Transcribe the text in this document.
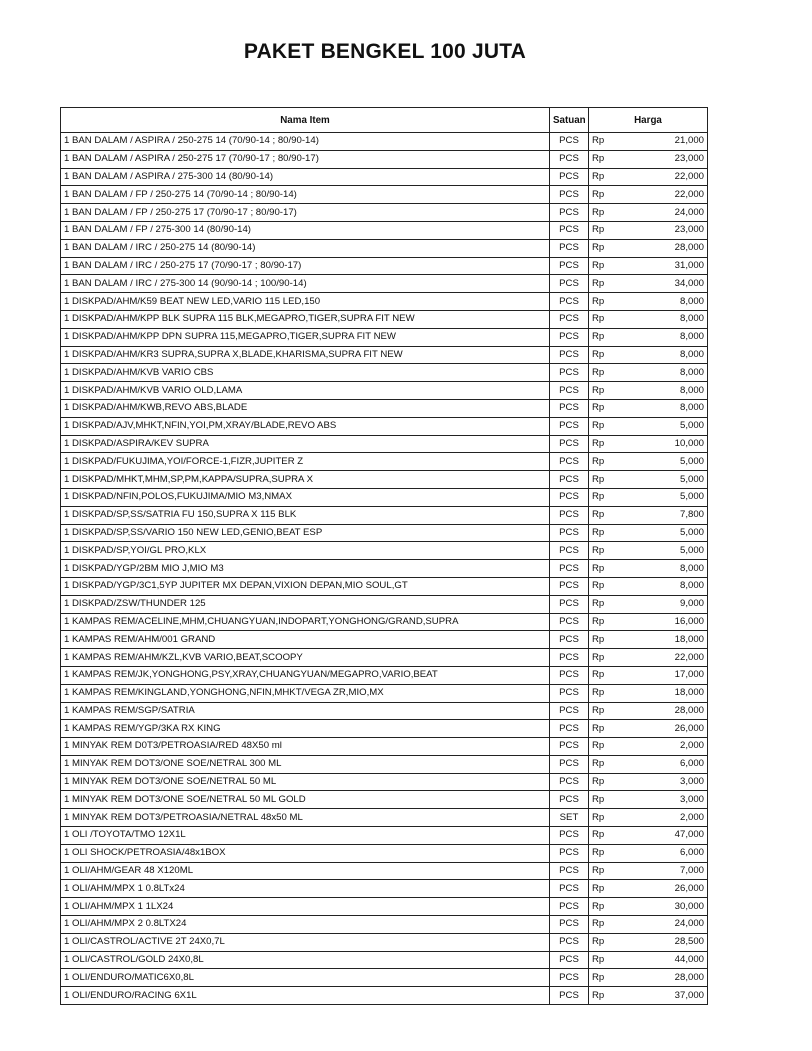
PAKET BENGKEL 100 JUTA
Nama Item	Satuan	Harga	
1 BAN DALAM / ASPIRA / 250-275 14 (70/90-14 ; 80/90-14)	PCS	Rp	21,000
1 BAN DALAM / ASPIRA / 250-275 17 (70/90-17 ; 80/90-17)	PCS	Rp	23,000
1 BAN DALAM / ASPIRA / 275-300 14 (80/90-14)	PCS	Rp	22,000
1 BAN DALAM / FP / 250-275 14 (70/90-14 ; 80/90-14)	PCS	Rp	22,000
1 BAN DALAM / FP / 250-275 17 (70/90-17 ; 80/90-17)	PCS	Rp	24,000
1 BAN DALAM / FP / 275-300 14 (80/90-14)	PCS	Rp	23,000
1 BAN DALAM / IRC / 250-275 14 (80/90-14)	PCS	Rp	28,000
1 BAN DALAM / IRC / 250-275 17 (70/90-17 ; 80/90-17)	PCS	Rp	31,000
1 BAN DALAM / IRC / 275-300 14 (90/90-14 ; 100/90-14)	PCS	Rp	34,000
1 DISKPAD/AHM/K59 BEAT NEW LED,VARIO 115 LED,150	PCS	Rp	8,000
1 DISKPAD/AHM/KPP BLK SUPRA 115 BLK,MEGAPRO,TIGER,SUPRA FIT NEW	PCS	Rp	8,000
1 DISKPAD/AHM/KPP DPN SUPRA 115,MEGAPRO,TIGER,SUPRA FIT NEW	PCS	Rp	8,000
1 DISKPAD/AHM/KR3 SUPRA,SUPRA X,BLADE,KHARISMA,SUPRA FIT NEW	PCS	Rp	8,000
1 DISKPAD/AHM/KVB VARIO CBS	PCS	Rp	8,000
1 DISKPAD/AHM/KVB VARIO OLD,LAMA	PCS	Rp	8,000
1 DISKPAD/AHM/KWB,REVO ABS,BLADE	PCS	Rp	8,000
1 DISKPAD/AJV,MHKT,NFIN,YOI,PM,XRAY/BLADE,REVO ABS	PCS	Rp	5,000
1 DISKPAD/ASPIRA/KEV SUPRA	PCS	Rp	10,000
1 DISKPAD/FUKUJIMA,YOI/FORCE-1,FIZR,JUPITER Z	PCS	Rp	5,000
1 DISKPAD/MHKT,MHM,SP,PM,KAPPA/SUPRA,SUPRA X	PCS	Rp	5,000
1 DISKPAD/NFIN,POLOS,FUKUJIMA/MIO M3,NMAX	PCS	Rp	5,000
1 DISKPAD/SP,SS/SATRIA FU 150,SUPRA X 115 BLK	PCS	Rp	7,800
1 DISKPAD/SP,SS/VARIO 150 NEW LED,GENIO,BEAT ESP	PCS	Rp	5,000
1 DISKPAD/SP,YOI/GL PRO,KLX	PCS	Rp	5,000
1 DISKPAD/YGP/2BM MIO J,MIO M3	PCS	Rp	8,000
1 DISKPAD/YGP/3C1,5YP JUPITER MX DEPAN,VIXION DEPAN,MIO SOUL,GT	PCS	Rp	8,000
1 DISKPAD/ZSW/THUNDER 125	PCS	Rp	9,000
1 KAMPAS REM/ACELINE,MHM,CHUANGYUAN,INDOPART,YONGHONG/GRAND,SUPRA	PCS	Rp	16,000
1 KAMPAS REM/AHM/001 GRAND	PCS	Rp	18,000
1 KAMPAS REM/AHM/KZL,KVB VARIO,BEAT,SCOOPY	PCS	Rp	22,000
1 KAMPAS REM/JK,YONGHONG,PSY,XRAY,CHUANGYUAN/MEGAPRO,VARIO,BEAT	PCS	Rp	17,000
1 KAMPAS REM/KINGLAND,YONGHONG,NFIN,MHKT/VEGA ZR,MIO,MX	PCS	Rp	18,000
1 KAMPAS REM/SGP/SATRIA	PCS	Rp	28,000
1 KAMPAS REM/YGP/3KA RX KING	PCS	Rp	26,000
1 MINYAK REM D0T3/PETROASIA/RED 48X50 ml	PCS	Rp	2,000
1 MINYAK REM DOT3/ONE SOE/NETRAL 300 ML	PCS	Rp	6,000
1 MINYAK REM DOT3/ONE SOE/NETRAL 50 ML	PCS	Rp	3,000
1 MINYAK REM DOT3/ONE SOE/NETRAL 50 ML GOLD	PCS	Rp	3,000
1 MINYAK REM DOT3/PETROASIA/NETRAL 48x50 ML	SET	Rp	2,000
1 OLI /TOYOTA/TMO 12X1L	PCS	Rp	47,000
1 OLI SHOCK/PETROASIA/48x1BOX	PCS	Rp	6,000
1 OLI/AHM/GEAR 48 X120ML	PCS	Rp	7,000
1 OLI/AHM/MPX 1 0.8LTx24	PCS	Rp	26,000
1 OLI/AHM/MPX 1 1LX24	PCS	Rp	30,000
1 OLI/AHM/MPX 2 0.8LTX24	PCS	Rp	24,000
1 OLI/CASTROL/ACTIVE 2T 24X0,7L	PCS	Rp	28,500
1 OLI/CASTROL/GOLD 24X0,8L	PCS	Rp	44,000
1 OLI/ENDURO/MATIC6X0,8L	PCS	Rp	28,000
1 OLI/ENDURO/RACING 6X1L	PCS	Rp	37,000
